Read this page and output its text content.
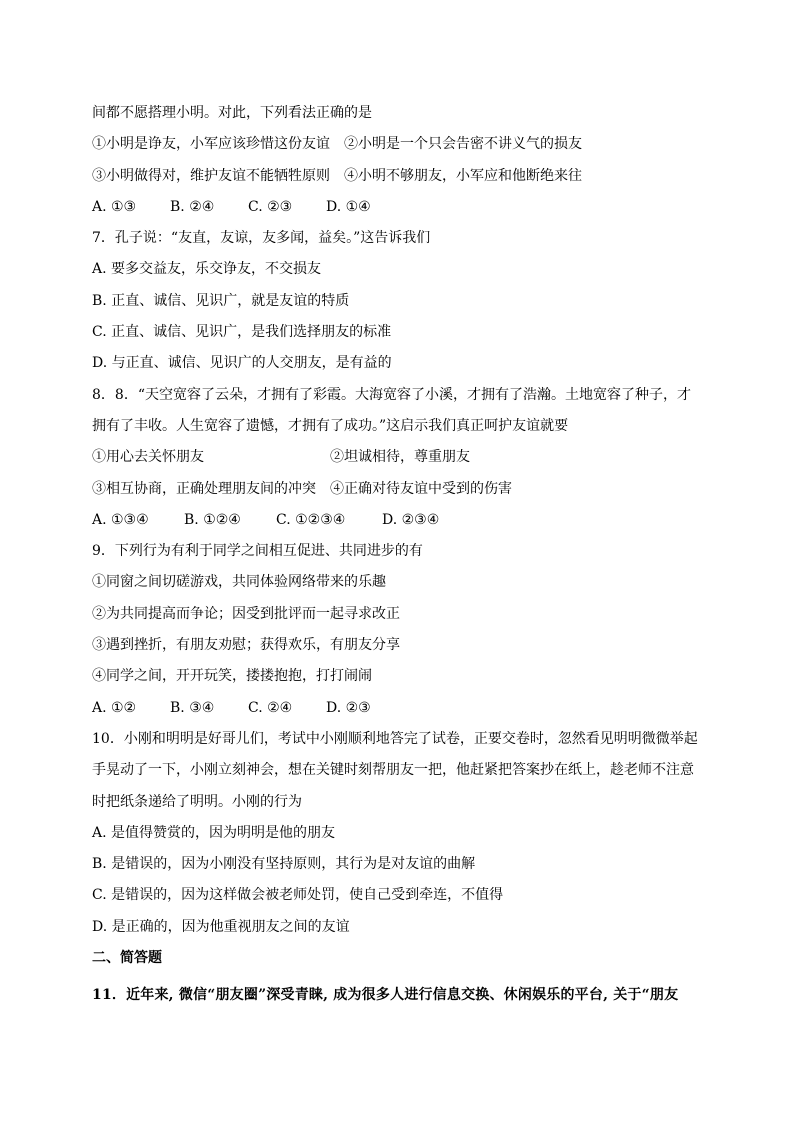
间都不愿搭理小明。对此，下列看法正确的是
①小明是诤友，小军应该珍惜这份友谊	②小明是一个只会告密不讲义气的损友
③小明做得对，维护友谊不能牺牲原则	④小明不够朋友，小军应和他断绝来往
A. ①③	B. ②④	C. ②③	D. ①④
7．孔子说：“友直，友谅，友多闻，益矣。”这告诉我们
A. 要多交益友，乐交诤友，不交损友
B. 正直、诚信、见识广，就是友谊的特质
C. 正直、诚信、见识广，是我们选择朋友的标准
D. 与正直、诚信、见识广的人交朋友，是有益的
8．8．“天空宽容了云朵，才拥有了彩霞。大海宽容了小溪，才拥有了浩瀚。土地宽容了种子，才
拥有了丰收。人生宽容了遗憾，才拥有了成功。”这启示我们真正呵护友谊就要
①用心去关怀朋友	②坦诚相待，尊重朋友
③相互协商，正确处理朋友间的冲突	④正确对待友谊中受到的伤害
A. ①③④	B. ①②④	C. ①②③④	D. ②③④
9．下列行为有利于同学之间相互促进、共同进步的有
①同窗之间切磋游戏，共同体验网络带来的乐趣
②为共同提高而争论；因受到批评而一起寻求改正
③遇到挫折，有朋友劝慰；获得欢乐，有朋友分享
④同学之间，开开玩笑，搂搂抱抱，打打闹闹
A. ①②	B. ③④	C. ②④	D. ②③
10．小刚和明明是好哥儿们，考试中小刚顺利地答完了试卷，正要交卷时，忽然看见明明微微举起
手晃动了一下，小刚立刻神会，想在关键时刻帮朋友一把，他赶紧把答案抄在纸上，趁老师不注意
时把纸条递给了明明。小刚的行为
A. 是值得赞赏的，因为明明是他的朋友
B. 是错误的，因为小刚没有坚持原则，其行为是对友谊的曲解
C. 是错误的，因为这样做会被老师处罚，使自己受到牵连，不值得
D. 是正确的，因为他重视朋友之间的友谊
二、简答题
11．近年来, 微信“朋友圈”深受青睐, 成为很多人进行信息交换、休闲娱乐的平台, 关于“朋友
